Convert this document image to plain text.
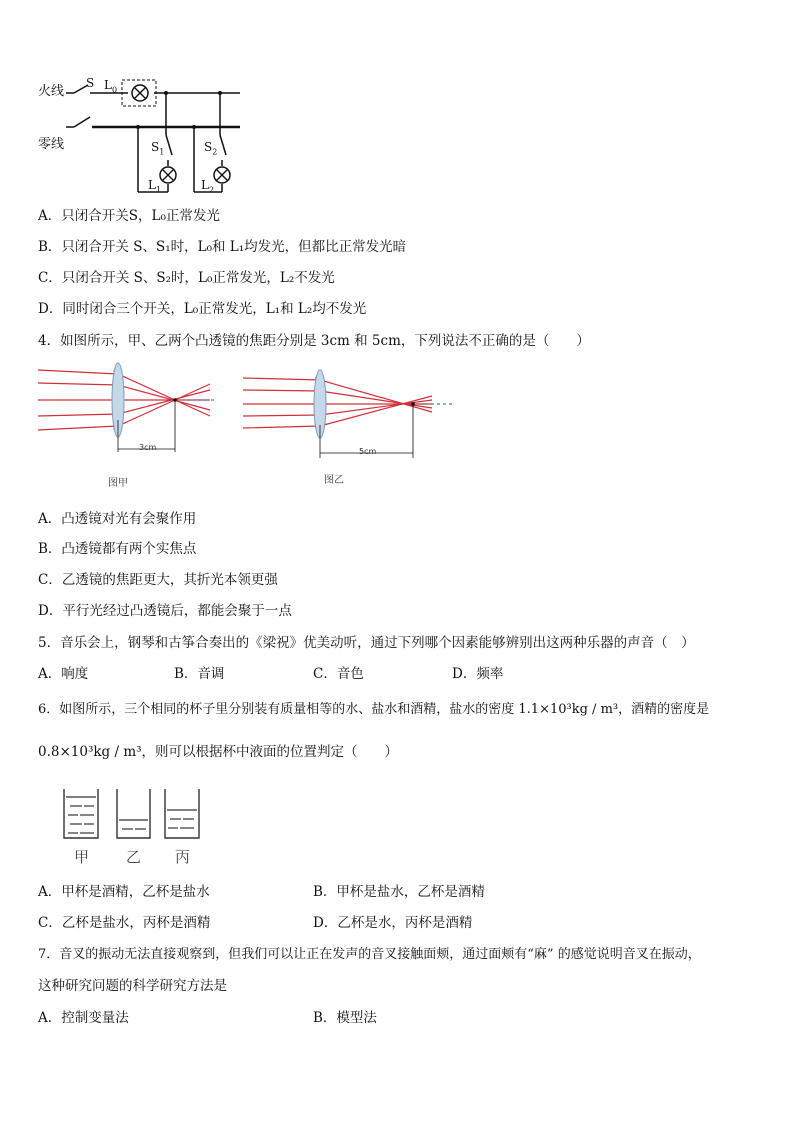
火线
零线
S $L_0$
$S_1$	$S_2$
$L_1$	$L_2$
A．只闭合开关S，L₀正常发光
B．只闭合开关 S、S₁时，L₀和 L₁均发光，但都比正常发光暗
C．只闭合开关 S、S₂时，L₀正常发光，L₂不发光
D．同时闭合三个开关，L₀正常发光，L₁和 L₂均不发光
4．如图所示，甲、乙两个凸透镜的焦距分别是 3cm 和 5cm，下列说法不正确的是（　　）
3cm
图甲
5cm
图乙
A．凸透镜对光有会聚作用
B．凸透镜都有两个实焦点
C．乙透镜的焦距更大，其折光本领更强
D．平行光经过凸透镜后，都能会聚于一点
5．音乐会上，钢琴和古筝合奏出的《梁祝》优美动听，通过下列哪个因素能够辨别出这两种乐器的声音（　）
A．响度	B．音调	C．音色	D．频率
6．如图所示，三个相同的杯子里分别装有质量相等的水、盐水和酒精，盐水的密度 1.1×10³kg / m³，酒精的密度是
0.8×10³kg / m³，则可以根据杯中液面的位置判定（　　）
甲 乙 丙
A．甲杯是酒精，乙杯是盐水	B．甲杯是盐水，乙杯是酒精
C．乙杯是盐水，丙杯是酒精	D．乙杯是水，丙杯是酒精
7．音叉的振动无法直接观察到，但我们可以让正在发声的音叉接触面颊，通过面颊有“麻” 的感觉说明音叉在振动，
这种研究问题的科学研究方法是
A．控制变量法	B．模型法
